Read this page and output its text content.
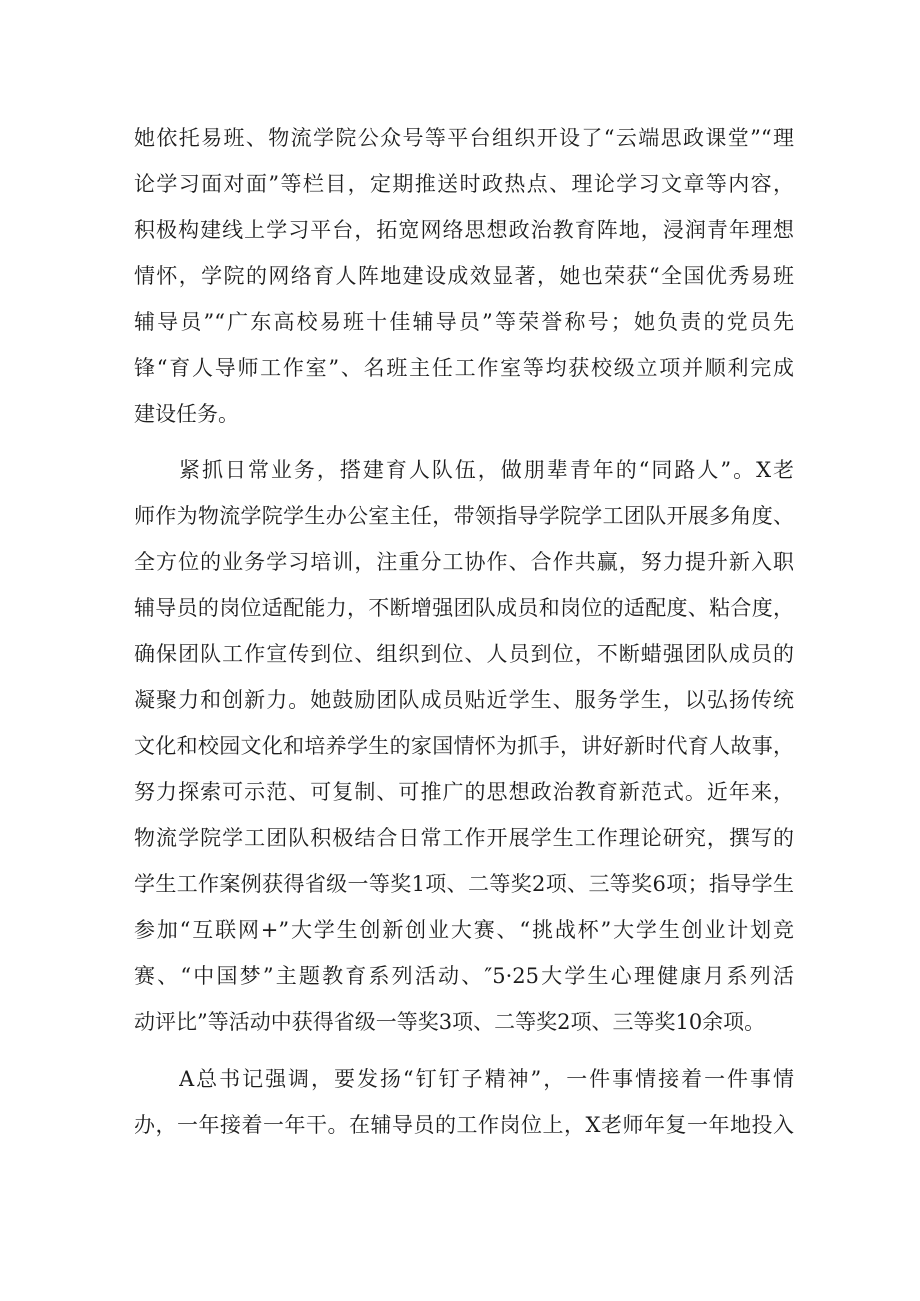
她依托易班、物流学院公众号等平台组织开设了“云端思政课堂”“理
论学习面对面”等栏目，定期推送时政热点、理论学习文章等内容，
积极构建线上学习平台，拓宽网络思想政治教育阵地，浸润青年理想
情怀，学院的网络育人阵地建设成效显著，她也荣获“全国优秀易班
辅导员”“广东高校易班十佳辅导员”等荣誉称号；她负责的党员先
锋“育人导师工作室”、名班主任工作室等均获校级立项并顺利完成
建设任务。
紧抓日常业务，搭建育人队伍，做朋辈青年的“同路人”。X老
师作为物流学院学生办公室主任，带领指导学院学工团队开展多角度、
全方位的业务学习培训，注重分工协作、合作共赢，努力提升新入职
辅导员的岗位适配能力，不断增强团队成员和岗位的适配度、粘合度，
确保团队工作宣传到位、组织到位、人员到位，不断蜡强团队成员的
凝聚力和创新力。她鼓励团队成员贴近学生、服务学生，以弘扬传统
文化和校园文化和培养学生的家国情怀为抓手，讲好新时代育人故事，
努力探索可示范、可复制、可推广的思想政治教育新范式。近年来，
物流学院学工团队积极结合日常工作开展学生工作理论研究，撰写的
学生工作案例获得省级一等奖1项、二等奖2项、三等奖6项；指导学生
参加“互联网+”大学生创新创业大赛、“挑战杯”大学生创业计划竞
赛、“中国梦”主题教育系列活动、″5·25大学生心理健康月系列活
动评比”等活动中获得省级一等奖3项、二等奖2项、三等奖10余项。
A总书记强调，要发扬“钉钉子精神”，一件事情接着一件事情
办，一年接着一年干。在辅导员的工作岗位上，X老师年复一年地投入
